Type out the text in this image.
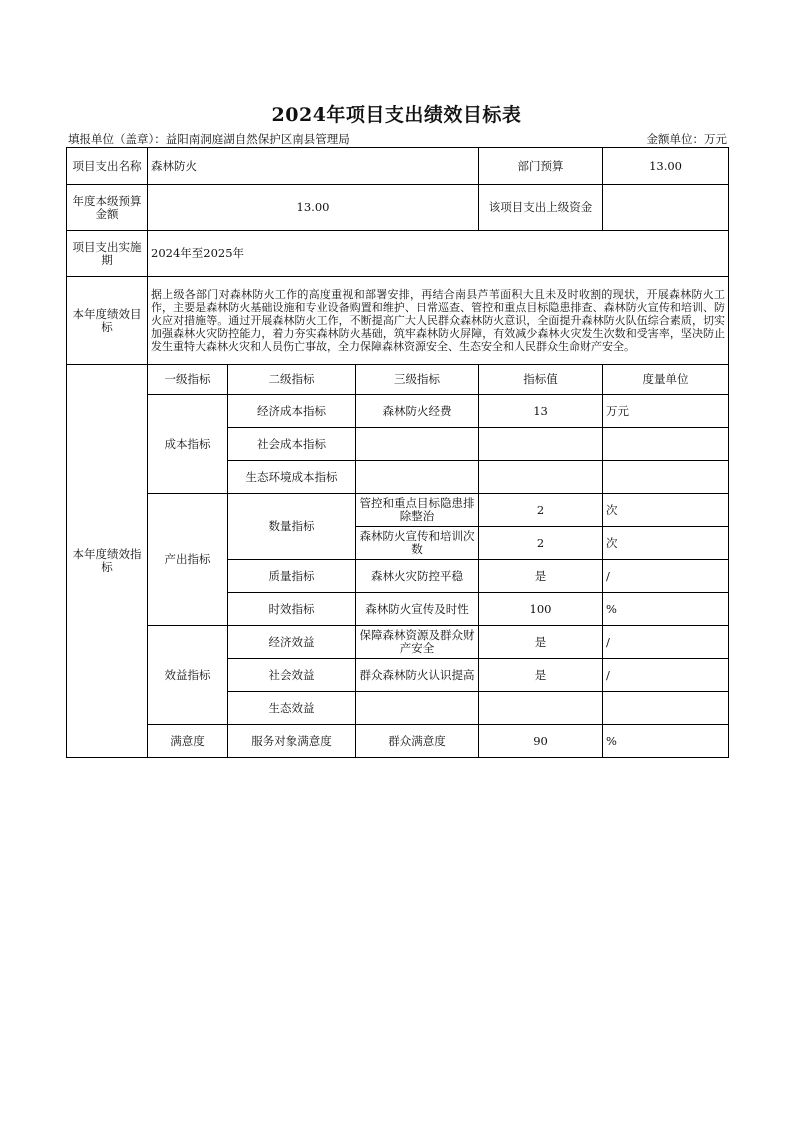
2024年项目支出绩效目标表
填报单位（盖章）：益阳南洞庭湖自然保护区南县管理局	金额单位：万元
项目支出名称	森林防火			部门预算	13.00
年度本级预算金额	13.00			该项目支出上级资金	
项目支出实施期	2024年至2025年				
本年度绩效目标	据上级各部门对森林防火工作的高度重视和部署安排，再结合南县芦苇面积大且未及时收割的现状，开展森林防火工作，主要是森林防火基础设施和专业设备购置和维护、日常巡查、管控和重点目标隐患排查、森林防火宣传和培训、防火应对措施等。通过开展森林防火工作，不断提高广大人民群众森林防火意识，全面提升森林防火队伍综合素质，切实加强森林火灾防控能力，着力夯实森林防火基础，筑牢森林防火屏障，有效减少森林火灾发生次数和受害率，坚决防止发生重特大森林火灾和人员伤亡事故，全力保障森林资源安全、生态安全和人民群众生命财产安全。				
本年度绩效指标	一级指标	二级指标	三级指标	指标值	度量单位
	成本指标	经济成本指标	森林防火经费	13	万元
		社会成本指标			
		生态环境成本指标			
	产出指标	数量指标	管控和重点目标隐患排除整治	2	次
			森林防火宣传和培训次数	2	次
		质量指标	森林火灾防控平稳	是	/
		时效指标	森林防火宣传及时性	100	%
	效益指标	经济效益	保障森林资源及群众财产安全	是	/
		社会效益	群众森林防火认识提高	是	/
		生态效益			
	满意度	服务对象满意度	群众满意度	90	%
